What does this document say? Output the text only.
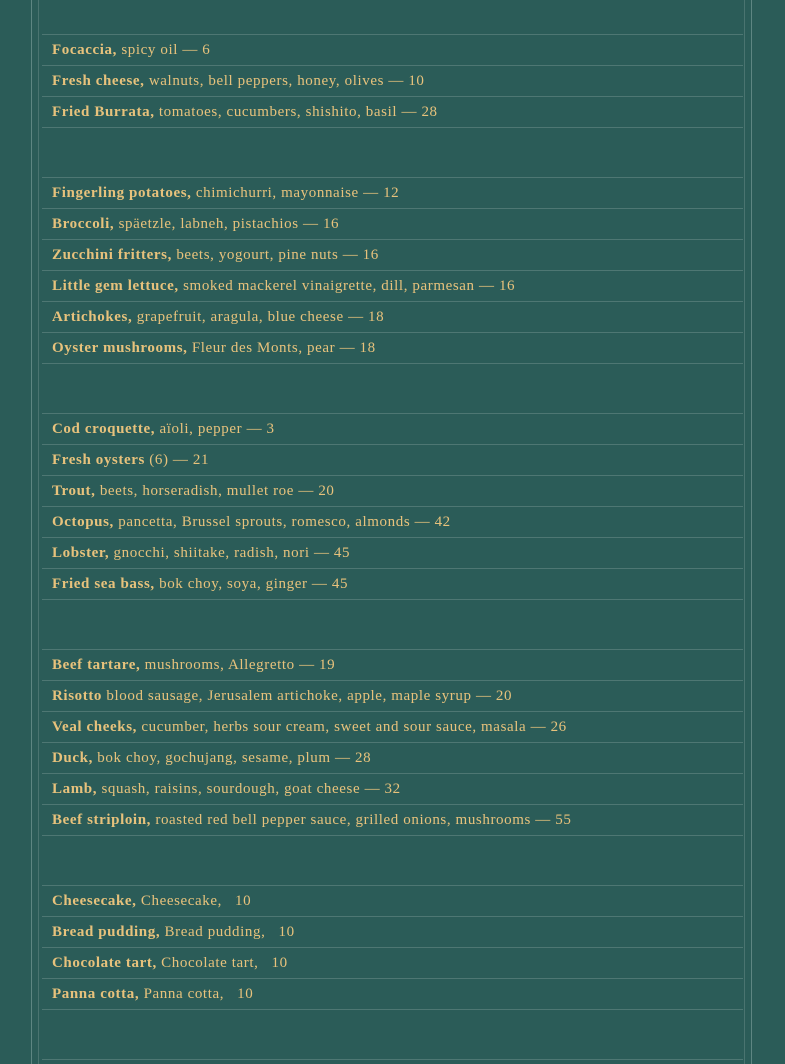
Focaccia, spicy oil — 6
Fresh cheese, walnuts, bell peppers, honey, olives — 10
Fried Burrata, tomatoes, cucumbers, shishito, basil — 28
Fingerling potatoes, chimichurri, mayonnaise — 12
Broccoli, späetzle, labneh, pistachios — 16
Zucchini fritters, beets, yogourt, pine nuts — 16
Little gem lettuce, smoked mackerel vinaigrette, dill, parmesan — 16
Artichokes, grapefruit, aragula, blue cheese — 18
Oyster mushrooms, Fleur des Monts, pear — 18
Cod croquette, aïoli, pepper — 3
Fresh oysters (6) — 21
Trout, beets, horseradish, mullet roe — 20
Octopus, pancetta, Brussel sprouts, romesco, almonds — 42
Lobster, gnocchi, shiitake, radish, nori — 45
Fried sea bass, bok choy, soya, ginger — 45
Beef tartare, mushrooms, Allegretto — 19
Risotto blood sausage, Jerusalem artichoke, apple, maple syrup — 20
Veal cheeks, cucumber, herbs sour cream, sweet and sour sauce, masala — 26
Duck, bok choy, gochujang, sesame, plum — 28
Lamb, squash, raisins, sourdough, goat cheese — 32
Beef striploin, roasted red bell pepper sauce, grilled onions, mushrooms — 55
Cheesecake, Cheesecake,   10
Bread pudding, Bread pudding,   10
Chocolate tart, Chocolate tart,   10
Panna cotta, Panna cotta,   10
